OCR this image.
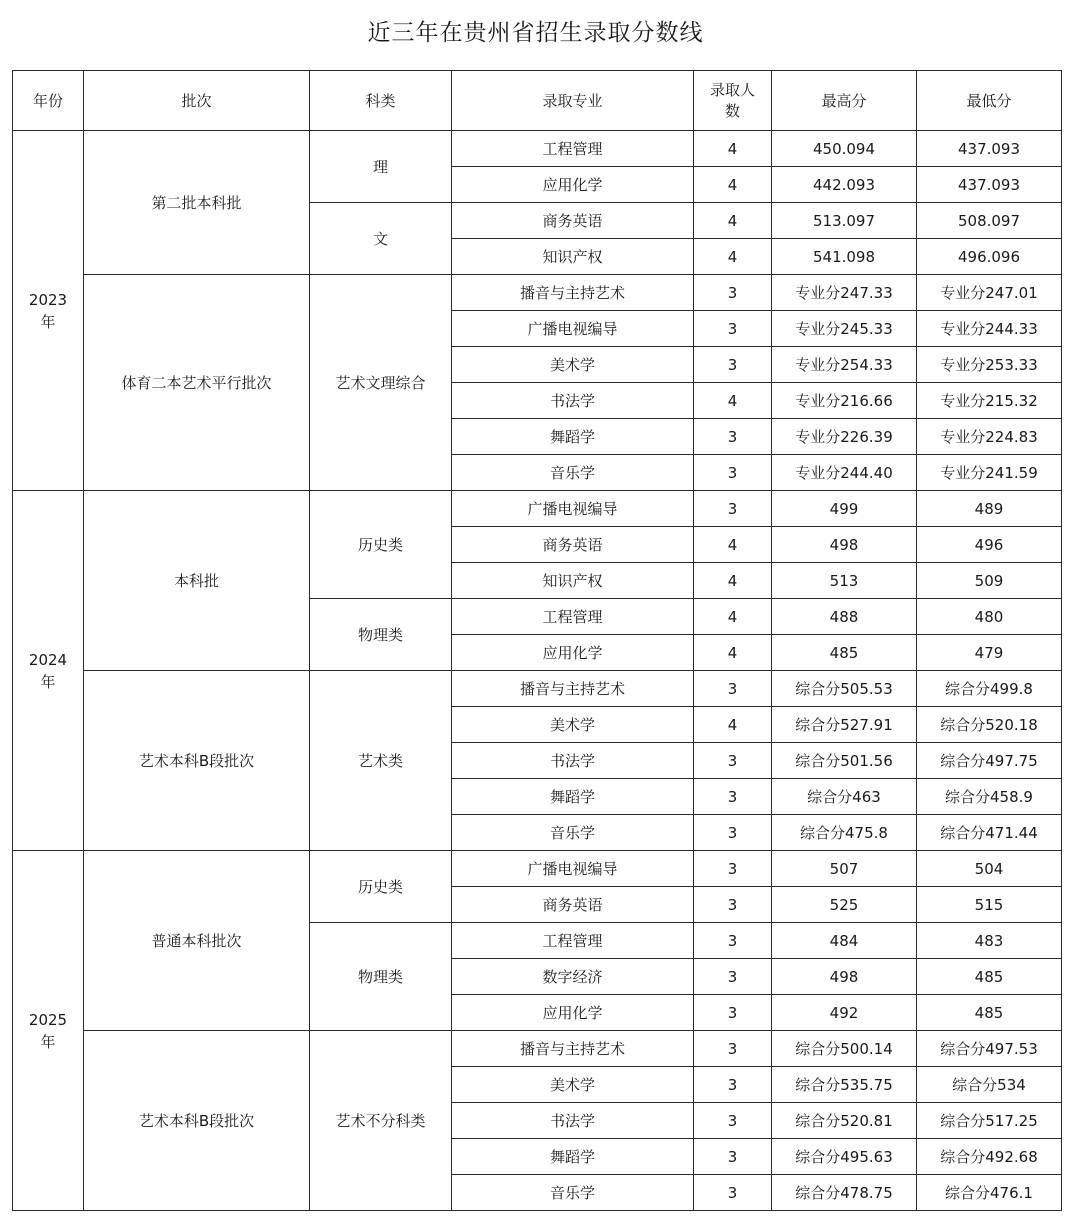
近三年在贵州省招生录取分数线
年份	批次	科类	录取专业	录取人数	最高分	最低分
2023年	第二批本科批	理	工程管理	4	450.094	437.093
			应用化学	4	442.093	437.093
		文	商务英语	4	513.097	508.097
			知识产权	4	541.098	496.096
	体育二本艺术平行批次	艺术文理综合	播音与主持艺术	3	专业分247.33	专业分247.01
			广播电视编导	3	专业分245.33	专业分244.33
			美术学	3	专业分254.33	专业分253.33
			书法学	4	专业分216.66	专业分215.32
			舞蹈学	3	专业分226.39	专业分224.83
			音乐学	3	专业分244.40	专业分241.59
2024年	本科批	历史类	广播电视编导	3	499	489
			商务英语	4	498	496
			知识产权	4	513	509
		物理类	工程管理	4	488	480
			应用化学	4	485	479
	艺术本科B段批次	艺术类	播音与主持艺术	3	综合分505.53	综合分499.8
			美术学	4	综合分527.91	综合分520.18
			书法学	3	综合分501.56	综合分497.75
			舞蹈学	3	综合分463	综合分458.9
			音乐学	3	综合分475.8	综合分471.44
2025年	普通本科批次	历史类	广播电视编导	3	507	504
			商务英语	3	525	515
		物理类	工程管理	3	484	483
			数字经济	3	498	485
			应用化学	3	492	485
	艺术本科B段批次	艺术不分科类	播音与主持艺术	3	综合分500.14	综合分497.53
			美术学	3	综合分535.75	综合分534
			书法学	3	综合分520.81	综合分517.25
			舞蹈学	3	综合分495.63	综合分492.68
			音乐学	3	综合分478.75	综合分476.1
